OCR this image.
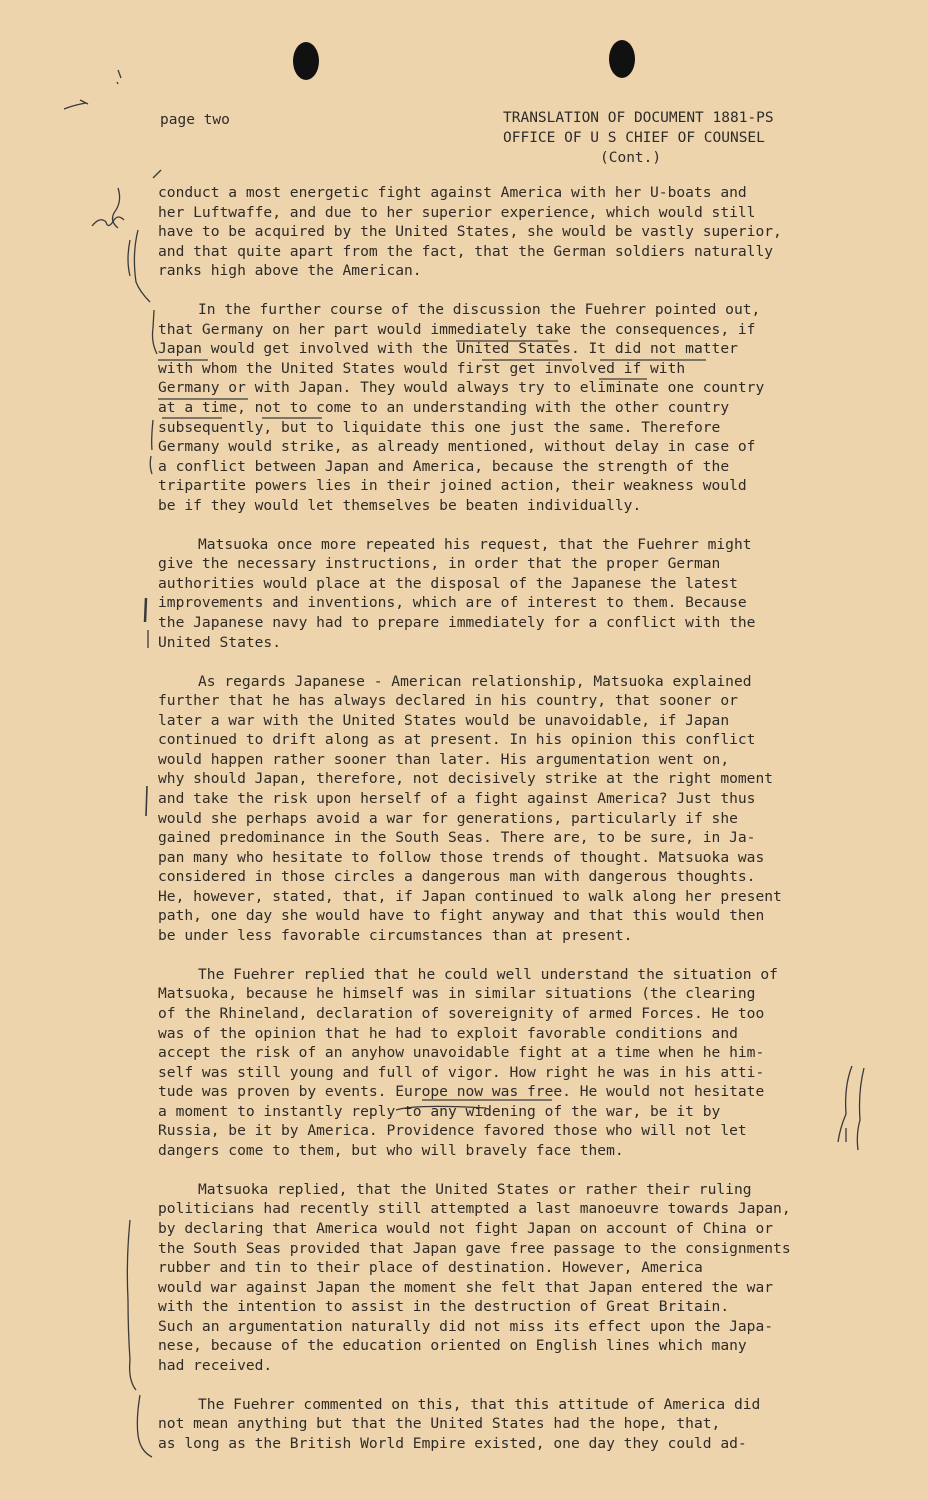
page two	TRANSLATION OF DOCUMENT 1881-PS
OFFICE OF U S CHIEF OF COUNSEL
(Cont.)
conduct a most energetic fight against America with her U-boats and
her Luftwaffe, and due to her superior experience, which would still
have to be acquired by the United States, she would be vastly superior,
and that quite apart from the fact, that the German soldiers naturally
ranks high above the American.
In the further course of the discussion the Fuehrer pointed out,
that Germany on her part would immediately take the consequences, if
Japan would get involved with the United States. It did not matter
with whom the United States would first get involved if with
Germany or with Japan. They would always try to eliminate one country
at a time, not to come to an understanding with the other country
subsequently, but to liquidate this one just the same. Therefore
Germany would strike, as already mentioned, without delay in case of
a conflict between Japan and America, because the strength of the
tripartite powers lies in their joined action, their weakness would
be if they would let themselves be beaten individually.
Matsuoka once more repeated his request, that the Fuehrer might
give the necessary instructions, in order that the proper German
authorities would place at the disposal of the Japanese the latest
improvements and inventions, which are of interest to them. Because
the Japanese navy had to prepare immediately for a conflict with the
United States.
As regards Japanese - American relationship, Matsuoka explained
further that he has always declared in his country, that sooner or
later a war with the United States would be unavoidable, if Japan
continued to drift along as at present. In his opinion this conflict
would happen rather sooner than later. His argumentation went on,
why should Japan, therefore, not decisively strike at the right moment
and take the risk upon herself of a fight against America? Just thus
would she perhaps avoid a war for generations, particularly if she
gained predominance in the South Seas. There are, to be sure, in Ja-
pan many who hesitate to follow those trends of thought. Matsuoka was
considered in those circles a dangerous man with dangerous thoughts.
He, however, stated, that, if Japan continued to walk along her present
path, one day she would have to fight anyway and that this would then
be under less favorable circumstances than at present.
The Fuehrer replied that he could well understand the situation of
Matsuoka, because he himself was in similar situations (the clearing
of the Rhineland, declaration of sovereignity of armed Forces. He too
was of the opinion that he had to exploit favorable conditions and
accept the risk of an anyhow unavoidable fight at a time when he him-
self was still young and full of vigor. How right he was in his atti-
tude was proven by events. Europe now was free. He would not hesitate
a moment to instantly reply to any widening of the war, be it by
Russia, be it by America. Providence favored those who will not let
dangers come to them, but who will bravely face them.
Matsuoka replied, that the United States or rather their ruling
politicians had recently still attempted a last manoeuvre towards Japan,
by declaring that America would not fight Japan on account of China or
the South Seas provided that Japan gave free passage to the consignments
rubber and tin to their place of destination. However, America
would war against Japan the moment she felt that Japan entered the war
with the intention to assist in the destruction of Great Britain.
Such an argumentation naturally did not miss its effect upon the Japa-
nese, because of the education oriented on English lines which many
had received.
The Fuehrer commented on this, that this attitude of America did
not mean anything but that the United States had the hope, that,
as long as the British World Empire existed, one day they could ad-
